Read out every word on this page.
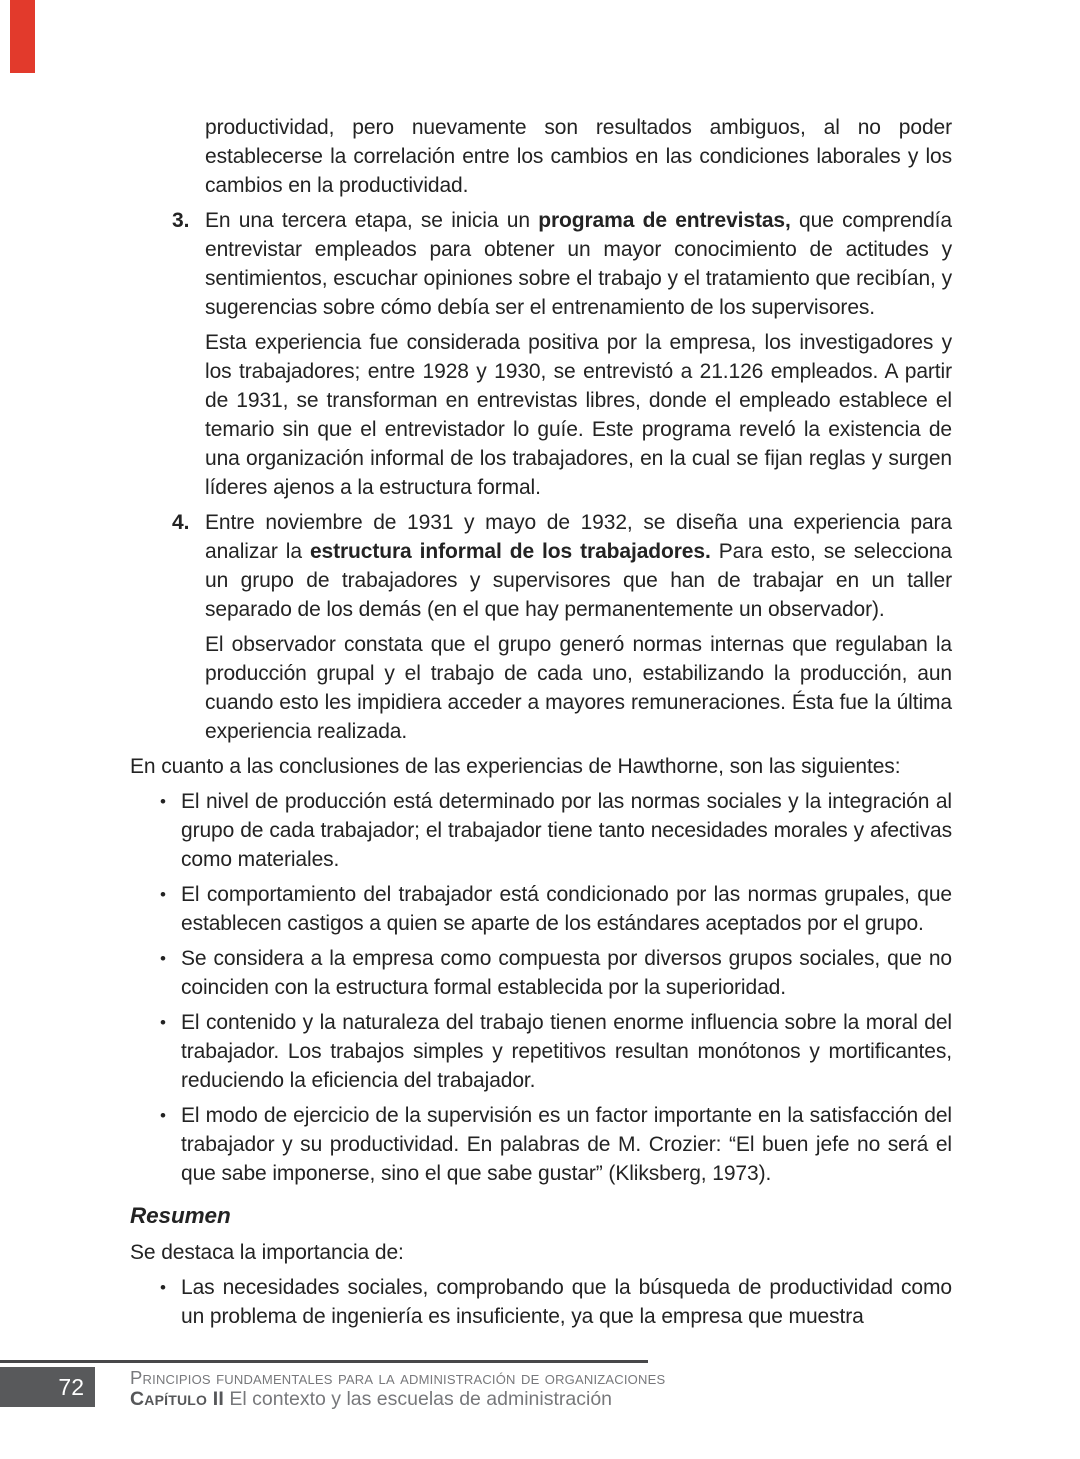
productividad, pero nuevamente son resultados ambiguos, al no poder establecerse la correlación entre los cambios en las condiciones laborales y los cambios en la productividad.

3. En una tercera etapa, se inicia un programa de entrevistas, que comprendía entrevistar empleados para obtener un mayor conocimiento de actitudes y sentimientos, escuchar opiniones sobre el trabajo y el tratamiento que recibían, y sugerencias sobre cómo debía ser el entrenamiento de los supervisores.

Esta experiencia fue considerada positiva por la empresa, los investigadores y los trabajadores; entre 1928 y 1930, se entrevistó a 21.126 empleados. A partir de 1931, se transforman en entrevistas libres, donde el empleado establece el temario sin que el entrevistador lo guíe. Este programa reveló la existencia de una organización informal de los trabajadores, en la cual se fijan reglas y surgen líderes ajenos a la estructura formal.

4. Entre noviembre de 1931 y mayo de 1932, se diseña una experiencia para analizar la estructura informal de los trabajadores. Para esto, se selecciona un grupo de trabajadores y supervisores que han de trabajar en un taller separado de los demás (en el que hay permanentemente un observador).

El observador constata que el grupo generó normas internas que regulaban la producción grupal y el trabajo de cada uno, estabilizando la producción, aun cuando esto les impidiera acceder a mayores remuneraciones. Ésta fue la última experiencia realizada.

En cuanto a las conclusiones de las experiencias de Hawthorne, son las siguientes:

• El nivel de producción está determinado por las normas sociales y la integración al grupo de cada trabajador; el trabajador tiene tanto necesidades morales y afectivas como materiales.
• El comportamiento del trabajador está condicionado por las normas grupales, que establecen castigos a quien se aparte de los estándares aceptados por el grupo.
• Se considera a la empresa como compuesta por diversos grupos sociales, que no coinciden con la estructura formal establecida por la superioridad.
• El contenido y la naturaleza del trabajo tienen enorme influencia sobre la moral del trabajador. Los trabajos simples y repetitivos resultan monótonos y mortificantes, reduciendo la eficiencia del trabajador.
• El modo de ejercicio de la supervisión es un factor importante en la satisfacción del trabajador y su productividad. En palabras de M. Crozier: “El buen jefe no será el que sabe imponerse, sino el que sabe gustar” (Kliksberg, 1973).
Resumen

Se destaca la importancia de:

• Las necesidades sociales, comprobando que la búsqueda de productividad como un problema de ingeniería es insuficiente, ya que la empresa que muestra
72 Principios fundamentales para la administración de organizaciones
Capítulo II El contexto y las escuelas de administración
